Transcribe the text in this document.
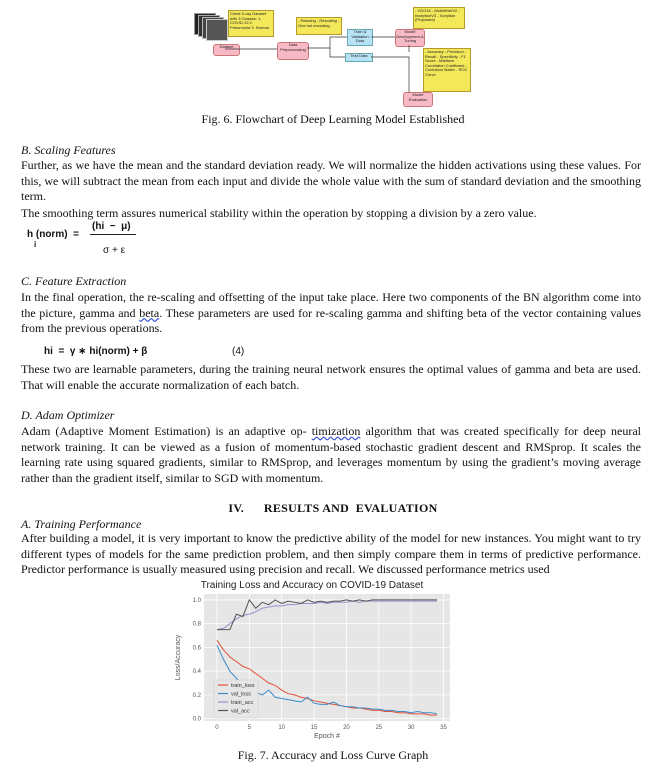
Chest X-ray Dataset with 3 Classes: 1. COVID-19 2. Pneumonia 3. Normal
Dataset
- Resizing - Rescaling - One hot encoding
Data Preprocessing
Train & Validation Data
Test Data
- VGG16 - MobileNetV2 - InceptionV3 - Xception (Proposed)
Model Development & Tuning
- Accuracy - Precision - Recall - Specificity - F1 Score - Matthew Correlation Coefficient - Confusion Matrix - ROC Curve
Model Evaluation
Fig. 6. Flowchart of Deep Learning Model Established
B. Scaling Features
Further, as we have the mean and the standard deviation ready. We will normalize the hidden activations using these values. For this, we will subtract the mean from each input and divide the whole value with the sum of standard deviation and the smoothing term.
The smoothing term assures numerical stability within the operation by stopping a division by a zero value.
h (norm)  =
i
(hi  −  μ)
σ + ε
C. Feature Extraction
In the final operation, the re-scaling and offsetting of the input take place. Here two components of the BN algorithm come into the picture, gamma and beta. These parameters are used for re-scaling gamma and shifting beta of the vector containing values from the previous operations.
hi  =  γ ∗ hi(norm) + β	(4)
These two are learnable parameters, during the training neural network ensures the optimal values of gamma and beta are used. That will enable the accurate normalization of each batch.
D. Adam Optimizer
Adam (Adaptive Moment Estimation) is an adaptive op- timization algorithm that was created specifically for deep neural network training. It can be viewed as a fusion of momentum-based stochastic gradient descent and RMSprop. It scales the learning rate using squared gradients, similar to RMSprop, and leverages momentum by using the gradient’s moving average rather than the gradient itself, similar to SGD with momentum.
IV.      RESULTS AND  EVALUATION
A. Training Performance
After building a model, it is very important to know the predictive ability of the model for new instances. You might want to try different types of models for the same prediction problem, and then simply compare them in terms of predictive performance. Predictor performance is usually measured using precision and recall. We discussed performance metrics used
Training Loss and Accuracy on COVID-19 Dataset
0	5	10	15	20	25	30	35
0.0
0.2
0.4
0.6
0.8
1.0
Epoch #
Loss/Accuracy
train_loss
val_loss
train_acc
val_acc
Fig. 7. Accuracy and Loss Curve Graph
